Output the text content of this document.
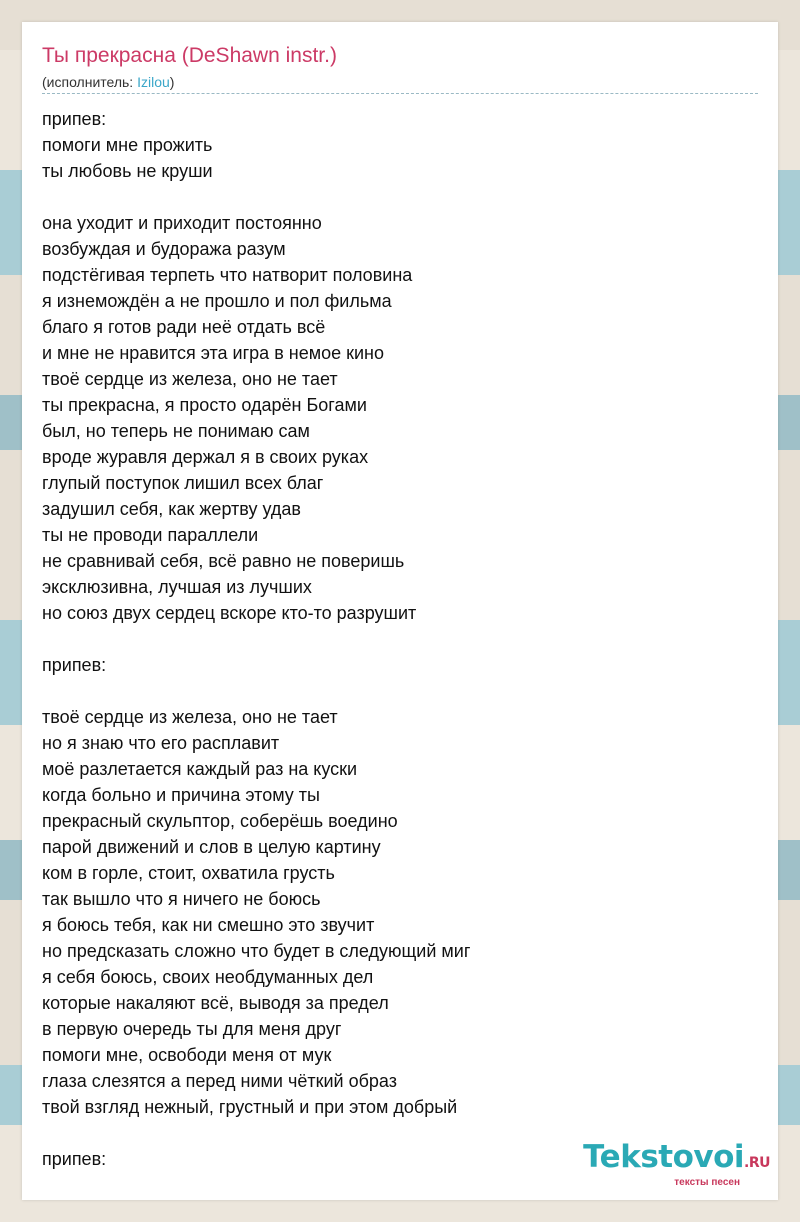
Ты прекрасна (DeShawn instr.)
(исполнитель: Izilou)
припев:
помоги мне прожить
ты любовь не круши
она уходит и приходит постоянно
возбуждая и будоража разум
подстёгивая терпеть что натворит половина
я изнемождён а не прошло и пол фильма
благо я готов ради неё отдать всё
и мне не нравится эта игра в немое кино
твоё сердце из железа, оно не тает
ты прекрасна, я просто одарён Богами
был, но теперь не понимаю сам
вроде журавля держал я в своих руках
глупый поступок лишил всех благ
задушил себя, как жертву удав
ты не проводи параллели
не сравнивай себя, всё равно не поверишь
эксклюзивна, лучшая из лучших
но союз двух сердец вскоре кто-то разрушит
припев:
твоё сердце из железа, оно не тает
но я знаю что его расплавит
моё разлетается каждый раз на куски
когда больно и причина этому ты
прекрасный скульптор, соберёшь воедино
парой движений и слов в целую картину
ком в горле, стоит, охватила грусть
так вышло что я ничего не боюсь
я боюсь тебя, как ни смешно это звучит
но предсказать сложно что будет в следующий миг
я себя боюсь, своих необдуманных дел
которые накаляют всё, выводя за предел
в первую очередь ты для меня друг
помоги мне, освободи меня от мук
глаза слезятся а перед ними чёткий образ
твой взгляд нежный, грустный и при этом добрый
припев:	Tekstovoi.RU
тексты песен
